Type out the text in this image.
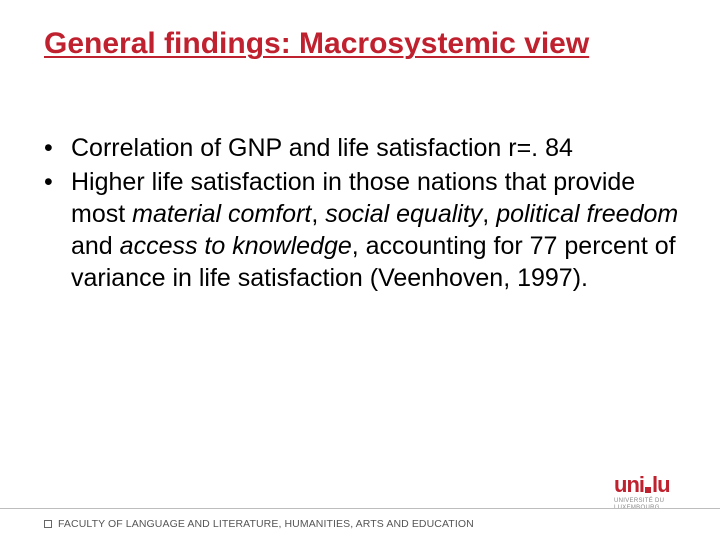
General findings: Macrosystemic view
• Correlation of GNP and life satisfaction r=. 84
• Higher life satisfaction in those nations that provide most material comfort, social equality, political freedom and access to knowledge, accounting for 77 percent of variance in life satisfaction (Veenhoven, 1997).
uni lu
UNIVERSITÉ DU
FACULTY OF LANGUAGE AND LITERATURE, HUMANITIES, ARTS AND EDUCATION
